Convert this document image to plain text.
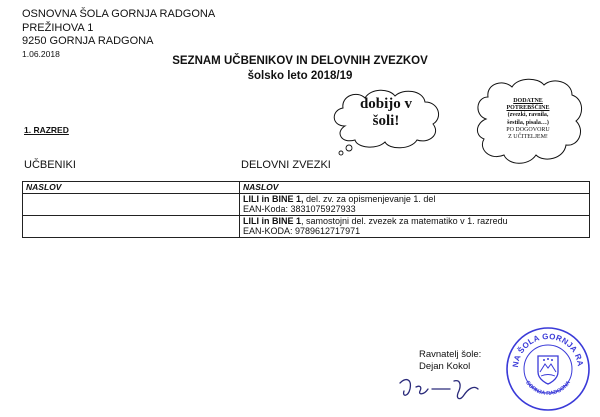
OSNOVNA ŠOLA GORNJA RADGONA
PREŽIHOVA 1
9250 GORNJA RADGONA
1.06.2018
SEZNAM UČBENIKOV IN DELOVNIH ZVEZKOV
šolsko leto 2018/19
dobijo v
šoli!
DODATNE
POTREBŠČINE
(zvezki, ravnila,
šestila, pisala…)
PO DOGOVORU
Z UČITELJEM!
1. RAZRED
UČBENIKI	DELOVNI ZVEZKI
NASLOV	NASLOV
	LILI in BINE 1, del. zv. za opismenjevanje 1. del
EAN-Koda: 3831075927933
	LILI in BINE 1, samostojni del. zvezek za matematiko v 1. razredu
EAN-KODA: 9789612717971
Ravnatelj šole:
Dejan Kokol	NA ŠOLA GORNJA RA
GORNJA RADGONA
